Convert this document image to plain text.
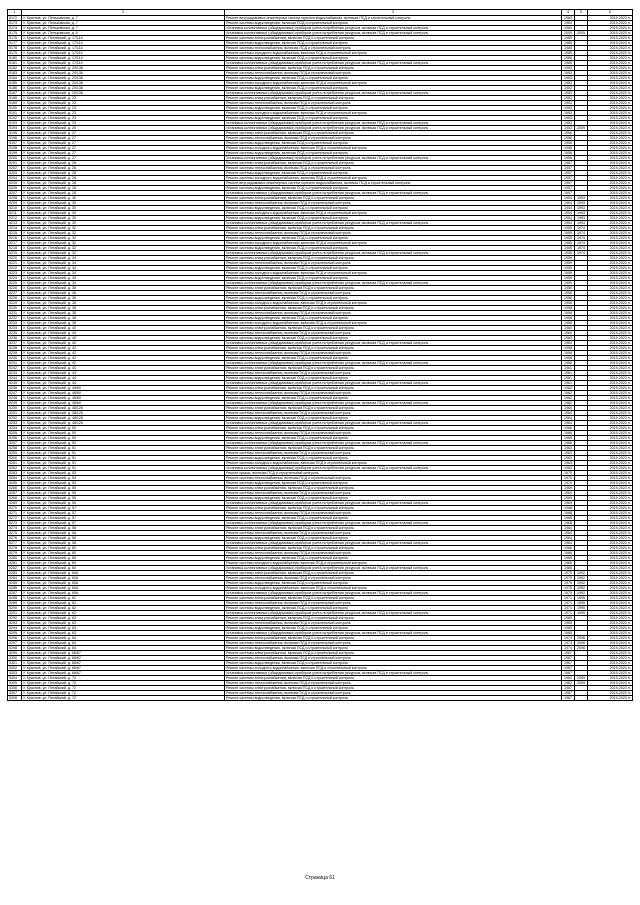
1	2	3	4	5	6
5172	У. Краснов, ул. Пеньковская, д. 7	Ремонт внутридомовых инженерных систем горячего водоснабжения, включая ПСД и строительный контроль	1960		2019-2023 гг.
5173	У. Краснов, ул. Пеньковская, д. 7	Ремонт системы водоотведения, включая ПСД и строительный контроль	1960		2019-2023 гг.
5174	У. Краснов, ул. Пеньковская, д. 7	Установка коллективных (общедомовых) приборов учета потребления ресурсов, включая ПСД и строительный контроль	1960		2019-2023 гг.
5175	У. Краснов, ул. Пеньковская, д. 9	Установка коллективных (общедомовых) приборов учета потребления ресурсов, включая ПСД и строительный контроль	2000	2005	2019-2023 гг.
5176	У. Краснов, ул. Петайский, д. 17/114	Ремонт системы электроснабжения, включая ПСД и строительный контроль	1985		2019-2023 гг.
5177	У. Краснов, ул. Петайский, д. 17/114	Ремонт системы водоотведения, включая ПСД и строительный контроль	1985		2019-2023 гг.
5178	У. Краснов, ул. Петайский, д. 17/114	Ремонт системы теплоснабжения, включая ПСД и строительный контроль	1985		2019-2023 гг.
5179	У. Краснов, ул. Петайский, д. 17/114	Ремонт системы холодного водоснабжения, включая ПСД и строительный контроль	1985		2019-2023 гг.
5180	У. Краснов, ул. Петайский, д. 17/114	Ремонт системы водоотведения, включая ПСД и строительный контроль	1985		2019-2023 гг.
5181	У. Краснов, ул. Петайский, д. 17/114	Установка коллективных (общедомовых) приборов учета потребления ресурсов, включая ПСД и строительный контроль	1985		2019-2023 гг.
5182	У. Краснов, ул. Петайский, д. 20/136	Ремонт системы электроснабжения, включая ПСД и строительный контроль	1953		2019-2023 гг.
5183	У. Краснов, ул. Петайский, д. 20/136	Ремонт системы теплоснабжения, включая ПСД и строительный контроль	1953		2019-2023 гг.
5184	У. Краснов, ул. Петайский, д. 20/136	Ремонт системы водоотведения, включая ПСД и строительный контроль	1953		2019-2023 гг.
5185	У. Краснов, ул. Петайский, д. 20/136	Ремонт системы холодного водоснабжения, включая ПСД и строительный контроль	1953		2019-2023 гг.
5186	У. Краснов, ул. Петайский, д. 20/136	Ремонт системы водоотведения, включая ПСД и строительный контроль	1953		2019-2023 гг.
5187	У. Краснов, ул. Петайский, д. 20/136	Установка коллективных (общедомовых) приборов учета потребления ресурсов, включая ПСД и строительный контроль	1953		2019-2023 гг.
5188	У. Краснов, ул. Петайский, д. 23	Ремонт системы электроснабжения, включая ПСД и строительный контроль	1953		2019-2023 гг.
5189	У. Краснов, ул. Петайский, д. 23	Ремонт системы теплоснабжения, включая ПСД и строительный контроль	1953		2019-2023 гг.
5190	У. Краснов, ул. Петайский, д. 23	Ремонт системы водоотведения, включая ПСД и строительный контроль	1953		2019-2023 гг.
5191	У. Краснов, ул. Петайский, д. 23	Ремонт системы холодного водоснабжения, включая ПСД и строительный контроль	1953		2019-2023 гг.
5192	У. Краснов, ул. Петайский, д. 23	Ремонт системы водоотведения, включая ПСД и строительный контроль	1953		2019-2023 гг.
5193	У. Краснов, ул. Петайский, д. 23	Установка коллективных (общедомовых) приборов учета потребления ресурсов, включая ПСД и строительный контроль	1953		2019-2023 гг.
5194	У. Краснов, ул. Петайский, д. 25	Установка коллективных (общедомовых) приборов учета потребления ресурсов, включая ПСД и строительный контроль	1953	2009	2019-2023 гг.
5195	У. Краснов, ул. Петайский, д. 27	Ремонт системы электроснабжения, включая ПСД и строительный контроль	1956		2019-2023 гг.
5196	У. Краснов, ул. Петайский, д. 27	Ремонт системы теплоснабжения, включая ПСД и строительный контроль	1956		2019-2023 гг.
5197	У. Краснов, ул. Петайский, д. 27	Ремонт системы водоотведения, включая ПСД и строительный контроль	1956		2019-2023 гг.
5198	У. Краснов, ул. Петайский, д. 27	Ремонт системы холодного водоснабжения, включая ПСД и строительный контроль	1956		2019-2023 гг.
5199	У. Краснов, ул. Петайский, д. 27	Ремонт системы водоотведения, включая ПСД и строительный контроль	1956		2019-2023 гг.
5200	У. Краснов, ул. Петайский, д. 27	Установка коллективных (общедомовых) приборов учета потребления ресурсов, включая ПСД и строительный контроль	1956		2019-2023 гг.
5201	У. Краснов, ул. Петайский, д. 28	Ремонт системы электроснабжения, включая ПСД и строительный контроль	1957		2019-2023 гг.
5202	У. Краснов, ул. Петайский, д. 28	Ремонт системы теплоснабжения, включая ПСД и строительный контроль	1957		2019-2023 гг.
5203	У. Краснов, ул. Петайский, д. 28	Ремонт системы водоотведения, включая ПСД и строительный контроль	1957		2019-2023 гг.
5204	У. Краснов, ул. Петайский, д. 28	Ремонт системы холодного водоснабжения, включая ПСД и строительный контроль	1957		2019-2023 гг.
5205	У. Краснов, ул. Петайский, д. 28	Ремонт внутридомовых инженерных систем горячего водоснабжения, включая ПСД и строительный контроль	1957		2019-2023 гг.
5206	У. Краснов, ул. Петайский, д. 28	Ремонт системы водоотведения, включая ПСД и строительный контроль	1957		2019-2023 гг.
5207	У. Краснов, ул. Петайский, д. 28	Установка коллективных (общедомовых) приборов учета потребления ресурсов, включая ПСД и строительный контроль	1957		2019-2023 гг.
5208	У. Краснов, ул. Петайский, д. 30	Ремонт системы электроснабжения, включая ПСД и строительный контроль	1954	1993	2019-2023 гг.
5209	У. Краснов, ул. Петайский, д. 30	Ремонт системы теплоснабжения, включая ПСД и строительный контроль	1954	1993	2019-2023 гг.
5210	У. Краснов, ул. Петайский, д. 30	Ремонт системы водоотведения, включая ПСД и строительный контроль	1954	1993	2019-2023 гг.
5211	У. Краснов, ул. Петайский, д. 30	Ремонт системы холодного водоснабжения, включая ПСД и строительный контроль	1954	1993	2019-2023 гг.
5212	У. Краснов, ул. Петайский, д. 30	Ремонт системы водоотведения, включая ПСД и строительный контроль	1954	1993	2019-2023 гг.
5213	У. Краснов, ул. Петайский, д. 30	Установка коллективных (общедомовых) приборов учета потребления ресурсов, включая ПСД и строительный контроль	1954	1993	2019-2023 гг.
5214	У. Краснов, ул. Петайский, д. 32	Ремонт системы электроснабжения, включая ПСД и строительный контроль	1955	1974	2019-2023 гг.
5215	У. Краснов, ул. Петайский, д. 32	Ремонт системы теплоснабжения, включая ПСД и строительный контроль	1955	1974	2019-2023 гг.
5216	У. Краснов, ул. Петайский, д. 32	Ремонт системы водоотведения, включая ПСД и строительный контроль	1955	1974	2019-2023 гг.
5217	У. Краснов, ул. Петайский, д. 32	Ремонт системы холодного водоснабжения, включая ПСД и строительный контроль	1955	1974	2019-2023 гг.
5218	У. Краснов, ул. Петайский, д. 32	Ремонт системы водоотведения, включая ПСД и строительный контроль	1955	1974	2019-2023 гг.
5219	У. Краснов, ул. Петайский, д. 32	Установка коллективных (общедомовых) приборов учета потребления ресурсов, включая ПСД и строительный контроль	1955	1974	2019-2023 гг.
5220	У. Краснов, ул. Петайский, д. 34	Ремонт системы электроснабжения, включая ПСД и строительный контроль	1959		2019-2023 гг.
5221	У. Краснов, ул. Петайский, д. 34	Ремонт системы теплоснабжения, включая ПСД и строительный контроль	1959		2019-2023 гг.
5222	У. Краснов, ул. Петайский, д. 34	Ремонт системы водоотведения, включая ПСД и строительный контроль	1959		2019-2023 гг.
5223	У. Краснов, ул. Петайский, д. 34	Ремонт системы холодного водоснабжения, включая ПСД и строительный контроль	1959		2019-2023 гг.
5224	У. Краснов, ул. Петайский, д. 34	Ремонт системы водоотведения, включая ПСД и строительный контроль	1959		2019-2023 гг.
5225	У. Краснов, ул. Петайский, д. 34	Установка коллективных (общедомовых) приборов учета потребления ресурсов, включая ПСД и строительный контроль	1959		2019-2023 гг.
5226	У. Краснов, ул. Петайский, д. 36	Ремонт системы электроснабжения, включая ПСД и строительный контроль	1956		2019-2023 гг.
5227	У. Краснов, ул. Петайский, д. 36	Ремонт системы теплоснабжения, включая ПСД и строительный контроль	1956		2019-2023 гг.
5228	У. Краснов, ул. Петайский, д. 36	Ремонт системы водоотведения, включая ПСД и строительный контроль	1956		2019-2023 гг.
5229	У. Краснов, ул. Петайский, д. 36	Ремонт системы холодного водоснабжения, включая ПСД и строительный контроль	1956		2019-2023 гг.
5230	У. Краснов, ул. Петайский, д. 38	Ремонт системы электроснабжения, включая ПСД и строительный контроль	1958		2019-2023 гг.
5231	У. Краснов, ул. Петайский, д. 38	Ремонт системы теплоснабжения, включая ПСД и строительный контроль	1958		2019-2023 гг.
5232	У. Краснов, ул. Петайский, д. 38	Ремонт системы водоотведения, включая ПСД и строительный контроль	1958		2019-2023 гг.
5233	У. Краснов, ул. Петайский, д. 38	Ремонт системы холодного водоснабжения, включая ПСД и строительный контроль	1958		2019-2023 гг.
5234	У. Краснов, ул. Петайский, д. 40	Ремонт системы электроснабжения, включая ПСД и строительный контроль	1960		2019-2023 гг.
5235	У. Краснов, ул. Петайский, д. 40	Ремонт системы теплоснабжения, включая ПСД и строительный контроль	1960		2019-2023 гг.
5236	У. Краснов, ул. Петайский, д. 40	Ремонт системы водоотведения, включая ПСД и строительный контроль	1960		2019-2023 гг.
5237	У. Краснов, ул. Петайский, д. 40	Установка коллективных (общедомовых) приборов учета потребления ресурсов, включая ПСД и строительный контроль	1960		2019-2023 гг.
5238	У. Краснов, ул. Петайский, д. 42	Ремонт системы электроснабжения, включая ПСД и строительный контроль	1958		2019-2023 гг.
5239	У. Краснов, ул. Петайский, д. 42	Ремонт системы теплоснабжения, включая ПСД и строительный контроль	1958		2019-2023 гг.
5240	У. Краснов, ул. Петайский, д. 42	Ремонт системы водоотведения, включая ПСД и строительный контроль	1958		2019-2023 гг.
5241	У. Краснов, ул. Петайский, д. 42	Установка коллективных (общедомовых) приборов учета потребления ресурсов, включая ПСД и строительный контроль	1958		2019-2023 гг.
5242	У. Краснов, ул. Петайский, д. 44	Ремонт системы электроснабжения, включая ПСД и строительный контроль	1961		2019-2023 гг.
5243	У. Краснов, ул. Петайский, д. 44	Ремонт системы теплоснабжения, включая ПСД и строительный контроль	1961		2019-2023 гг.
5244	У. Краснов, ул. Петайский, д. 44	Ремонт системы водоотведения, включая ПСД и строительный контроль	1961		2019-2023 гг.
5245	У. Краснов, ул. Петайский, д. 44	Установка коллективных (общедомовых) приборов учета потребления ресурсов, включая ПСД и строительный контроль	1961		2019-2023 гг.
5246	У. Краснов, ул. Петайский, д. 46/60	Ремонт системы электроснабжения, включая ПСД и строительный контроль	1962		2019-2023 гг.
5247	У. Краснов, ул. Петайский, д. 46/60	Ремонт системы теплоснабжения, включая ПСД и строительный контроль	1962		2019-2023 гг.
5248	У. Краснов, ул. Петайский, д. 46/60	Ремонт системы водоотведения, включая ПСД и строительный контроль	1962		2019-2023 гг.
5249	У. Краснов, ул. Петайский, д. 46/60	Установка коллективных (общедомовых) приборов учета потребления ресурсов, включая ПСД и строительный контроль	1962		2019-2023 гг.
5250	У. Краснов, ул. Петайский, д. 48/126	Ремонт системы электроснабжения, включая ПСД и строительный контроль	1964		2019-2023 гг.
5251	У. Краснов, ул. Петайский, д. 48/126	Ремонт системы теплоснабжения, включая ПСД и строительный контроль	1964		2019-2023 гг.
5252	У. Краснов, ул. Петайский, д. 48/126	Ремонт системы водоотведения, включая ПСД и строительный контроль	1964		2019-2023 гг.
5253	У. Краснов, ул. Петайский, д. 48/126	Установка коллективных (общедомовых) приборов учета потребления ресурсов, включая ПСД и строительный контроль	1964		2019-2023 гг.
5254	У. Краснов, ул. Петайский, д. 50	Ремонт системы электроснабжения, включая ПСД и строительный контроль	1966		2019-2023 гг.
5255	У. Краснов, ул. Петайский, д. 50	Ремонт системы теплоснабжения, включая ПСД и строительный контроль	1966		2019-2023 гг.
5256	У. Краснов, ул. Петайский, д. 50	Ремонт системы водоотведения, включая ПСД и строительный контроль	1966		2019-2023 гг.
5257	У. Краснов, ул. Петайский, д. 50	Установка коллективных (общедомовых) приборов учета потребления ресурсов, включая ПСД и строительный контроль	1966		2019-2023 гг.
5258	У. Краснов, ул. Петайский, д. 51	Ремонт системы электроснабжения, включая ПСД и строительный контроль	1963		2019-2023 гг.
5259	У. Краснов, ул. Петайский, д. 51	Ремонт системы теплоснабжения, включая ПСД и строительный контроль	1963		2019-2023 гг.
5260	У. Краснов, ул. Петайский, д. 51	Ремонт системы водоотведения, включая ПСД и строительный контроль	1963		2019-2023 гг.
5261	У. Краснов, ул. Петайский, д. 51	Ремонт системы холодного водоснабжения, включая ПСД и строительный контроль	1963		2019-2023 гг.
5262	У. Краснов, ул. Петайский, д. 51	Установка коллективных (общедомовых) приборов учета потребления ресурсов, включая ПСД и строительный контроль	1963		2019-2023 гг.
5263	У. Краснов, ул. Петайский, д. 53	Ремонт крыши, включая ПСД и строительный контроль	1970		2019-2023 гг.
5264	У. Краснов, ул. Петайский, д. 53	Ремонт системы теплоснабжения, включая ПСД и строительный контроль	1970		2019-2023 гг.
5265	У. Краснов, ул. Петайский, д. 53	Ремонт системы водоотведения, включая ПСД и строительный контроль	1970		2019-2023 гг.
5266	У. Краснов, ул. Петайский, д. 55	Ремонт системы электроснабжения, включая ПСД и строительный контроль	1969		2019-2023 гг.
5267	У. Краснов, ул. Петайский, д. 55	Ремонт системы теплоснабжения, включая ПСД и строительный контроль	1969		2019-2023 гг.
5268	У. Краснов, ул. Петайский, д. 55	Ремонт системы водоотведения, включая ПСД и строительный контроль	1969		2019-2023 гг.
5269	У. Краснов, ул. Петайский, д. 55	Установка коллективных (общедомовых) приборов учета потребления ресурсов, включая ПСД и строительный контроль	1969		2019-2023 гг.
5270	У. Краснов, ул. Петайский, д. 57	Ремонт системы электроснабжения, включая ПСД и строительный контроль	1968		2019-2023 гг.
5271	У. Краснов, ул. Петайский, д. 57	Ремонт системы теплоснабжения, включая ПСД и строительный контроль	1968		2019-2023 гг.
5272	У. Краснов, ул. Петайский, д. 57	Ремонт системы водоотведения, включая ПСД и строительный контроль	1968		2019-2023 гг.
5273	У. Краснов, ул. Петайский, д. 57	Установка коллективных (общедомовых) приборов учета потребления ресурсов, включая ПСД и строительный контроль	1968		2019-2023 гг.
5274	У. Краснов, ул. Петайский, д. 58	Ремонт системы электроснабжения, включая ПСД и строительный контроль	1964		2019-2023 гг.
5275	У. Краснов, ул. Петайский, д. 58	Ремонт системы теплоснабжения, включая ПСД и строительный контроль	1964		2019-2023 гг.
5276	У. Краснов, ул. Петайский, д. 58	Ремонт системы водоотведения, включая ПСД и строительный контроль	1964		2019-2023 гг.
5277	У. Краснов, ул. Петайский, д. 58	Установка коллективных (общедомовых) приборов учета потребления ресурсов, включая ПСД и строительный контроль	1964		2019-2023 гг.
5278	У. Краснов, ул. Петайский, д. 60	Ремонт системы электроснабжения, включая ПСД и строительный контроль	1966		2019-2023 гг.
5279	У. Краснов, ул. Петайский, д. 60	Ремонт системы теплоснабжения, включая ПСД и строительный контроль	1966		2019-2023 гг.
5280	У. Краснов, ул. Петайский, д. 60	Ремонт системы водоотведения, включая ПСД и строительный контроль	1966		2019-2023 гг.
5281	У. Краснов, ул. Петайский, д. 60	Ремонт системы холодного водоснабжения, включая ПСД и строительный контроль	1966		2019-2023 гг.
5282	У. Краснов, ул. Петайский, д. 60	Установка коллективных (общедомовых) приборов учета потребления ресурсов, включая ПСД и строительный контроль	1966		2019-2023 гг.
5283	У. Краснов, ул. Петайский, д. 60А	Ремонт системы электроснабжения, включая ПСД и строительный контроль	1975	1992	2019-2023 гг.
5284	У. Краснов, ул. Петайский, д. 60А	Ремонт системы теплоснабжения, включая ПСД и строительный контроль	1975	1992	2019-2023 гг.
5285	У. Краснов, ул. Петайский, д. 60А	Ремонт системы водоотведения, включая ПСД и строительный контроль	1975	1992	2019-2023 гг.
5286	У. Краснов, ул. Петайский, д. 60А	Ремонт системы холодного водоснабжения, включая ПСД и строительный контроль	1975	1992	2019-2023 гг.
5287	У. Краснов, ул. Петайский, д. 60А	Установка коллективных (общедомовых) приборов учета потребления ресурсов, включая ПСД и строительный контроль	1975	1992	2019-2023 гг.
5288	У. Краснов, ул. Петайский, д. 62	Ремонт системы электроснабжения, включая ПСД и строительный контроль	1971	1995	2019-2023 гг.
5289	У. Краснов, ул. Петайский, д. 62	Ремонт системы теплоснабжения, включая ПСД и строительный контроль	1971	1995	2019-2023 гг.
5290	У. Краснов, ул. Петайский, д. 62	Ремонт системы водоотведения, включая ПСД и строительный контроль	1971	1995	2019-2023 гг.
5291	У. Краснов, ул. Петайский, д. 62	Установка коллективных (общедомовых) приборов учета потребления ресурсов, включая ПСД и строительный контроль	1971	1995	2019-2023 гг.
5292	У. Краснов, ул. Петайский, д. 63	Ремонт системы электроснабжения, включая ПСД и строительный контроль	1965		2019-2023 гг.
5293	У. Краснов, ул. Петайский, д. 63	Ремонт системы теплоснабжения, включая ПСД и строительный контроль	1965		2019-2023 гг.
5294	У. Краснов, ул. Петайский, д. 63	Ремонт системы водоотведения, включая ПСД и строительный контроль	1965		2019-2023 гг.
5295	У. Краснов, ул. Петайский, д. 63	Установка коллективных (общедомовых) приборов учета потребления ресурсов, включая ПСД и строительный контроль	1965		2019-2023 гг.
5296	У. Краснов, ул. Петайский, д. 64	Ремонт системы электроснабжения, включая ПСД и строительный контроль	1974	2006	2019-2023 гг.
5297	У. Краснов, ул. Петайский, д. 64	Ремонт системы теплоснабжения, включая ПСД и строительный контроль	1974	2006	2019-2023 гг.
5298	У. Краснов, ул. Петайский, д. 64	Ремонт системы водоотведения, включая ПСД и строительный контроль	1974	2006	2019-2023 гг.
5299	У. Краснов, ул. Петайский, д. 66/67	Ремонт системы электроснабжения, включая ПСД и строительный контроль	1967		2019-2023 гг.
5300	У. Краснов, ул. Петайский, д. 66/67	Ремонт системы теплоснабжения, включая ПСД и строительный контроль	1967		2019-2023 гг.
5301	У. Краснов, ул. Петайский, д. 66/67	Ремонт системы водоотведения, включая ПСД и строительный контроль	1967		2019-2023 гг.
5302	У. Краснов, ул. Петайский, д. 66/67	Ремонт системы холодного водоснабжения, включая ПСД и строительный контроль	1967		2019-2023 гг.
5303	У. Краснов, ул. Петайский, д. 66/67	Установка коллективных (общедомовых) приборов учета потребления ресурсов, включая ПСД и строительный контроль	1967		2019-2023 гг.
5304	У. Краснов, ул. Петайский, д. 70	Ремонт системы электроснабжения, включая ПСД и строительный контроль	1962	2009	2019-2023 гг.
5305	У. Краснов, ул. Петайский, д. 70	Ремонт системы теплоснабжения, включая ПСД и строительный контроль	1962	2009	2019-2023 гг.
5306	У. Краснов, ул. Петайский, д. 72	Ремонт системы электроснабжения, включая ПСД и строительный контроль	1967		2019-2023 гг.
5307	У. Краснов, ул. Петайский, д. 72	Ремонт системы теплоснабжения, включая ПСД и строительный контроль	1967		2019-2023 гг.
5308	У. Краснов, ул. Петайский, д. 72	Ремонт системы водоотведения, включая ПСД и строительный контроль	1967		2019-2023 гг.
Страница 61
